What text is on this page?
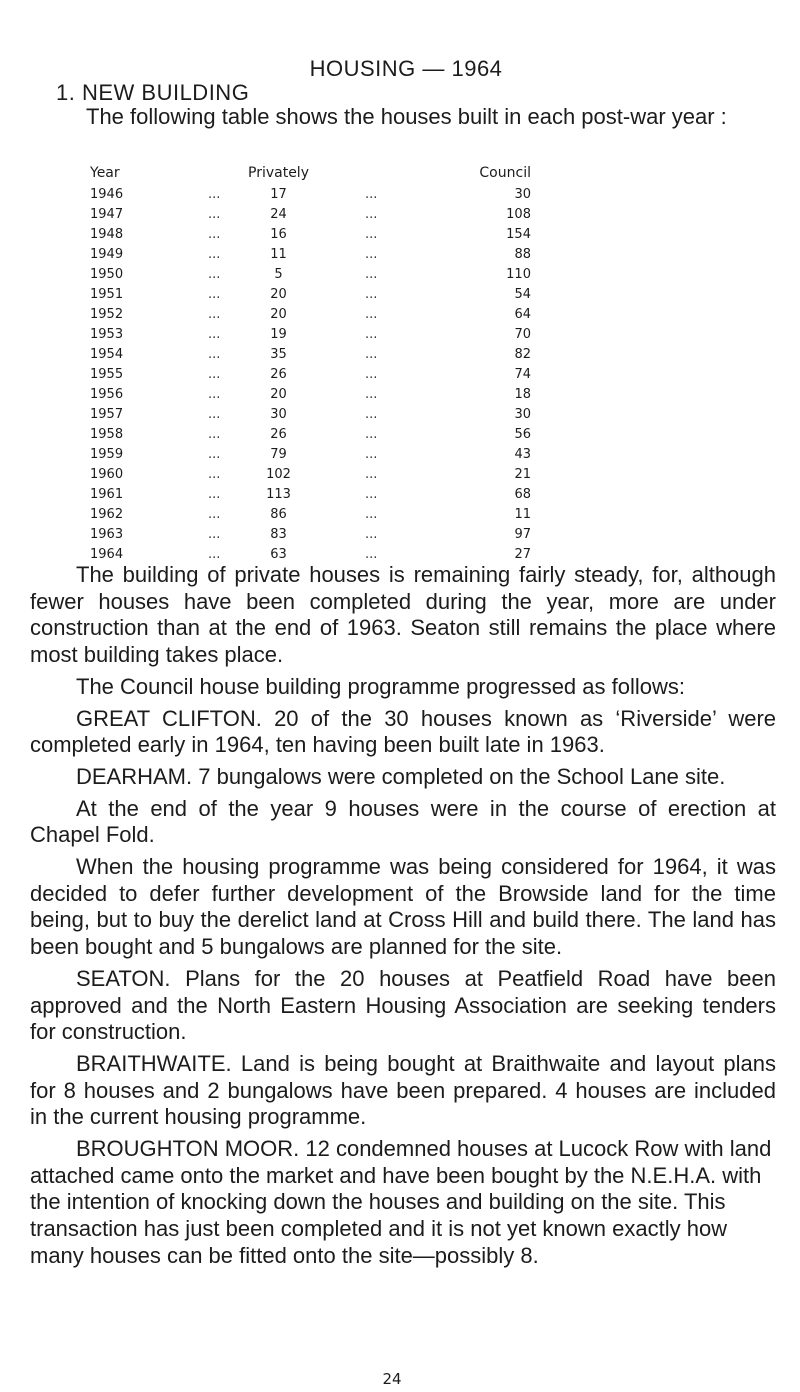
HOUSING — 1964
1. NEW BUILDING
The following table shows the houses built in each post-war year :
Year		Privately		Council
1946	...	17	...	30
1947	...	24	...	108
1948	...	16	...	154
1949	...	11	...	88
1950	...	5	...	110
1951	...	20	...	54
1952	...	20	...	64
1953	...	19	...	70
1954	...	35	...	82
1955	...	26	...	74
1956	...	20	...	18
1957	...	30	...	30
1958	...	26	...	56
1959	...	79	...	43
1960	...	102	...	21
1961	...	113	...	68
1962	...	86	...	11
1963	...	83	...	97
1964	...	63	...	27

The building of private houses is remaining fairly steady, for, although fewer houses have been completed during the year, more are under construction than at the end of 1963. Seaton still remains the place where most building takes place.

The Council house building programme progressed as follows:

GREAT CLIFTON. 20 of the 30 houses known as ‘Riverside’ were completed early in 1964, ten having been built late in 1963.

DEARHAM. 7 bungalows were completed on the School Lane site.

At the end of the year 9 houses were in the course of erection at Chapel Fold.

When the housing programme was being considered for 1964, it was decided to defer further development of the Browside land for the time being, but to buy the derelict land at Cross Hill and build there. The land has been bought and 5 bungalows are planned for the site.

SEATON. Plans for the 20 houses at Peatfield Road have been approved and the North Eastern Housing Association are seeking tenders for construction.

BRAITHWAITE. Land is being bought at Braithwaite and layout plans for 8 houses and 2 bungalows have been prepared. 4 houses are included in the current housing programme.

BROUGHTON MOOR. 12 condemned houses at Lucock Row with land attached came onto the market and have been bought by the N.E.H.A. with the intention of knocking down the houses and building on the site. This transaction has just been completed and it is not yet known exactly how many houses can be fitted onto the site—possibly 8.

24
